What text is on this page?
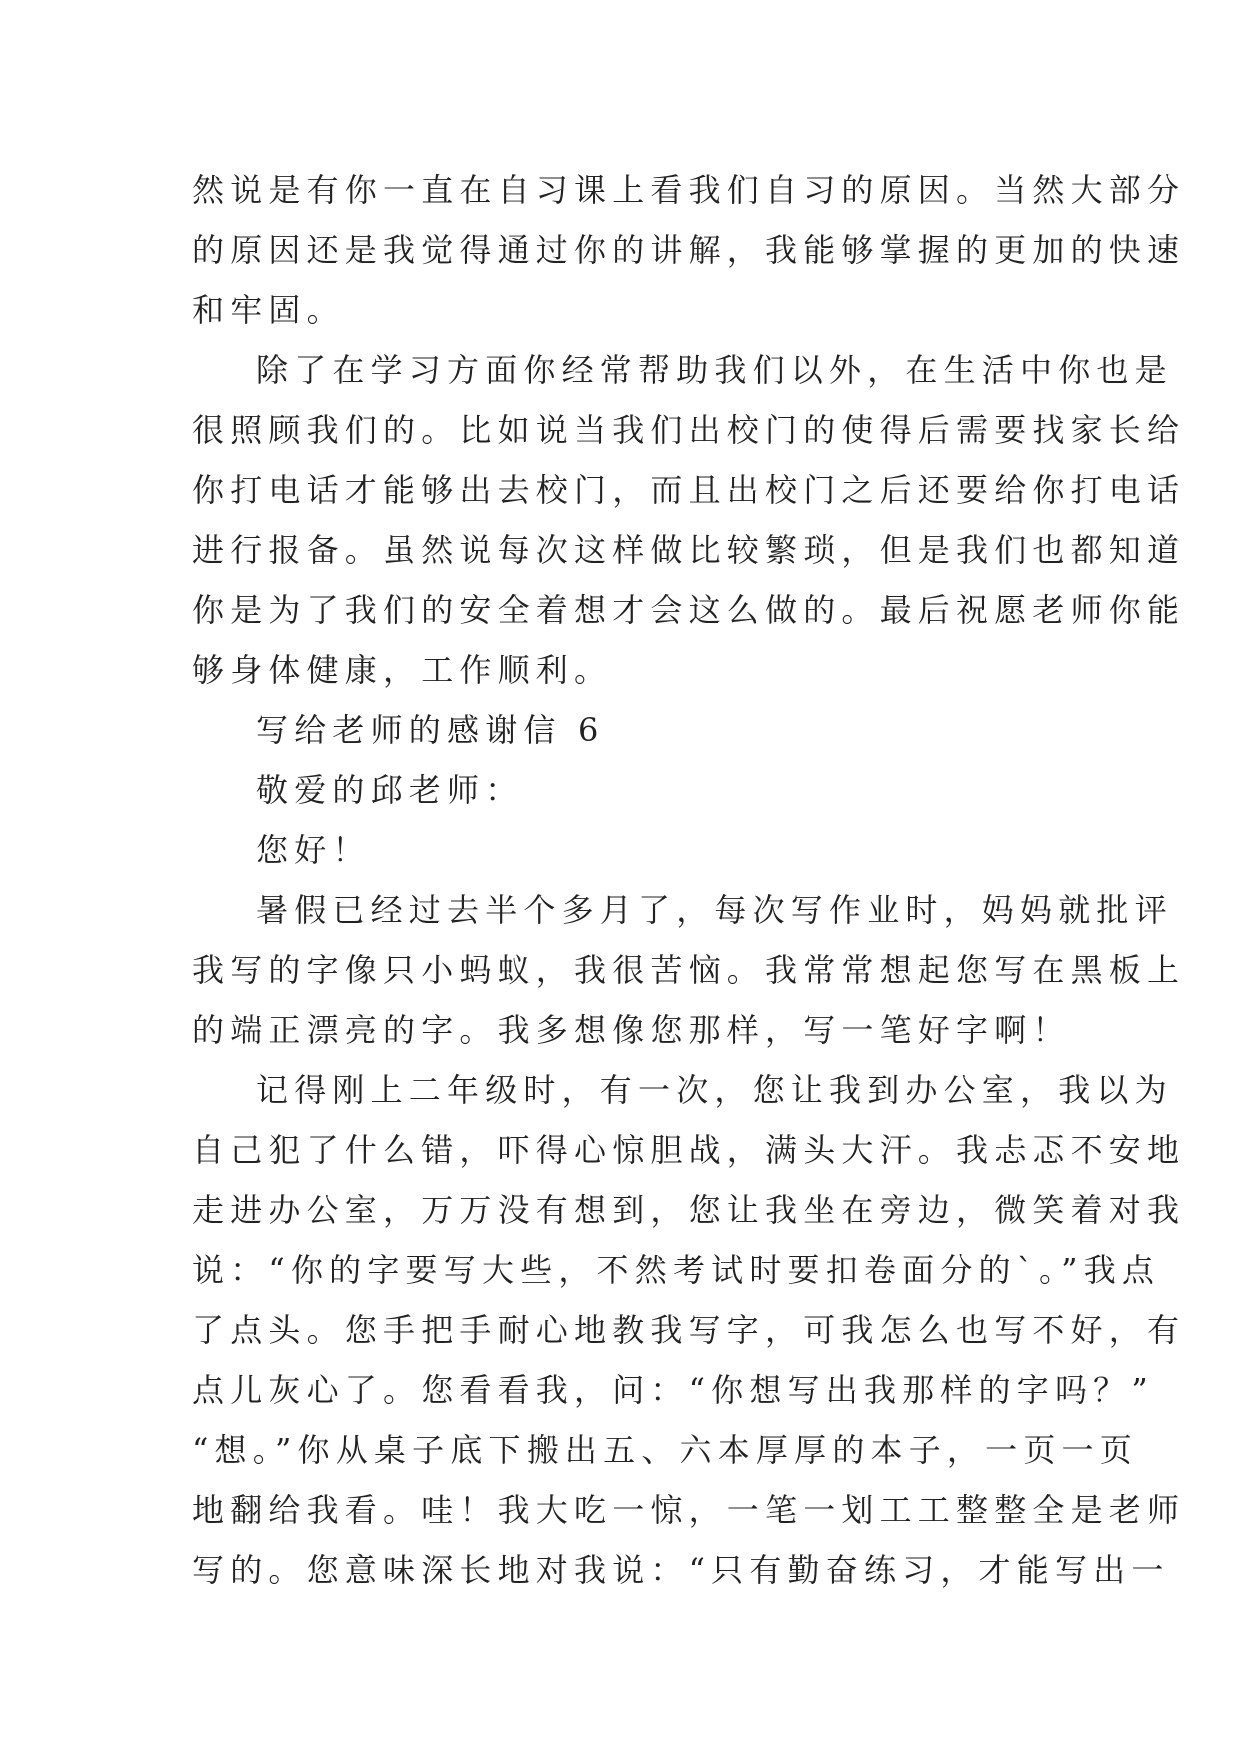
然说是有你一直在自习课上看我们自习的原因。当然大部分
的原因还是我觉得通过你的讲解，我能够掌握的更加的快速
和牢固。
除了在学习方面你经常帮助我们以外，在生活中你也是
很照顾我们的。比如说当我们出校门的使得后需要找家长给
你打电话才能够出去校门，而且出校门之后还要给你打电话
进行报备。虽然说每次这样做比较繁琐，但是我们也都知道
你是为了我们的安全着想才会这么做的。最后祝愿老师你能
够身体健康，工作顺利。
写给老师的感谢信 6
敬爱的邱老师：
您好！
暑假已经过去半个多月了，每次写作业时，妈妈就批评
我写的字像只小蚂蚁，我很苦恼。我常常想起您写在黑板上
的端正漂亮的字。我多想像您那样，写一笔好字啊！
记得刚上二年级时，有一次，您让我到办公室，我以为
自己犯了什么错，吓得心惊胆战，满头大汗。我忐忑不安地
走进办公室，万万没有想到，您让我坐在旁边，微笑着对我
说：“你的字要写大些，不然考试时要扣卷面分的`。”我点
了点头。您手把手耐心地教我写字，可我怎么也写不好，有
点儿灰心了。您看看我，问：“你想写出我那样的字吗？”
“想。”你从桌子底下搬出五、六本厚厚的本子，一页一页
地翻给我看。哇！我大吃一惊，一笔一划工工整整全是老师
写的。您意味深长地对我说：“只有勤奋练习，才能写出一
